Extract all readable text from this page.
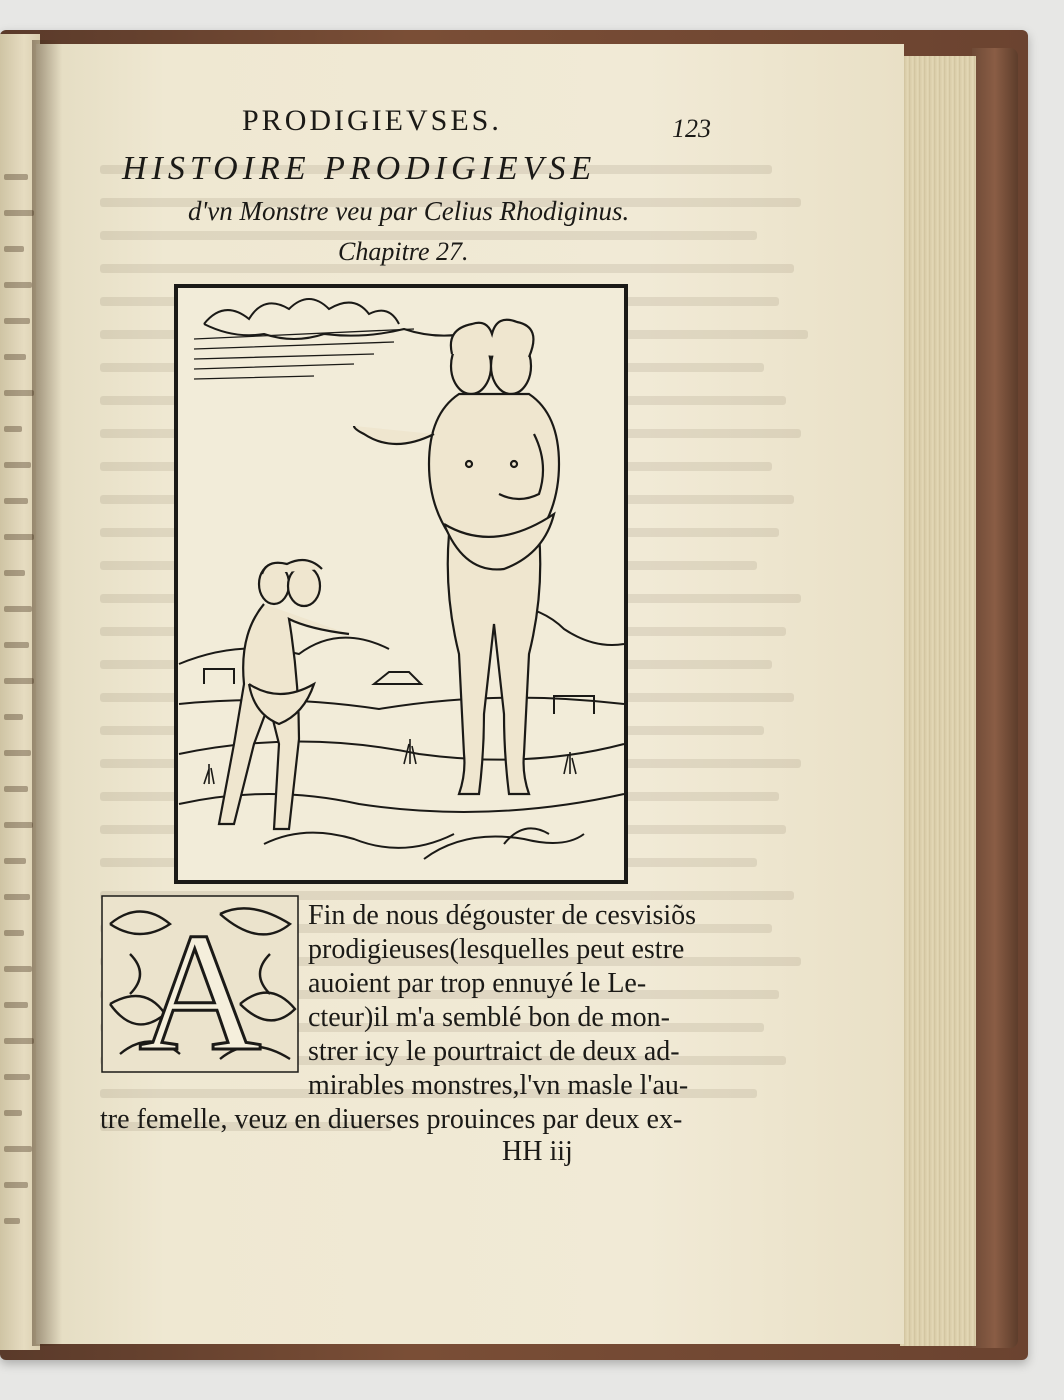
PRODIGIEVSES.	123
HISTOIRE PRODIGIEVSE
d'vn Monstre veu par Celius Rhodiginus.
Chapitre 27.
A Fin de nous dégouster de cesvisiõs
prodigieuses(lesquelles peut estre
auoient par trop ennuyé le Le-
cteur)il m'a semblé bon de mon-
strer icy le pourtraict de deux ad-
mirables monstres,l'vn masle l'au-
tre femelle, veuz en diuerses prouinces par deux ex-
HH iij
